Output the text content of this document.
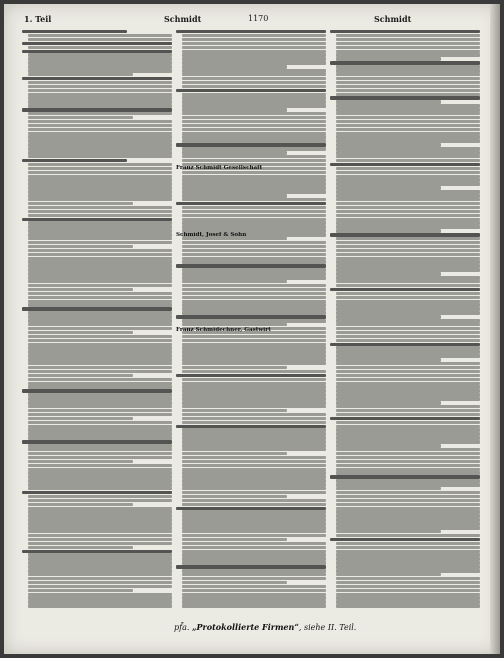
1. Teil	Schmidt	1170	Schmidt
Franz Schmidt Gesellschaft
Schmidt, Josef & Sohn
Franz Schmidechner, Gastwirt
pf̄a. „Protokollierte Firmen“, siehe II. Teil.
